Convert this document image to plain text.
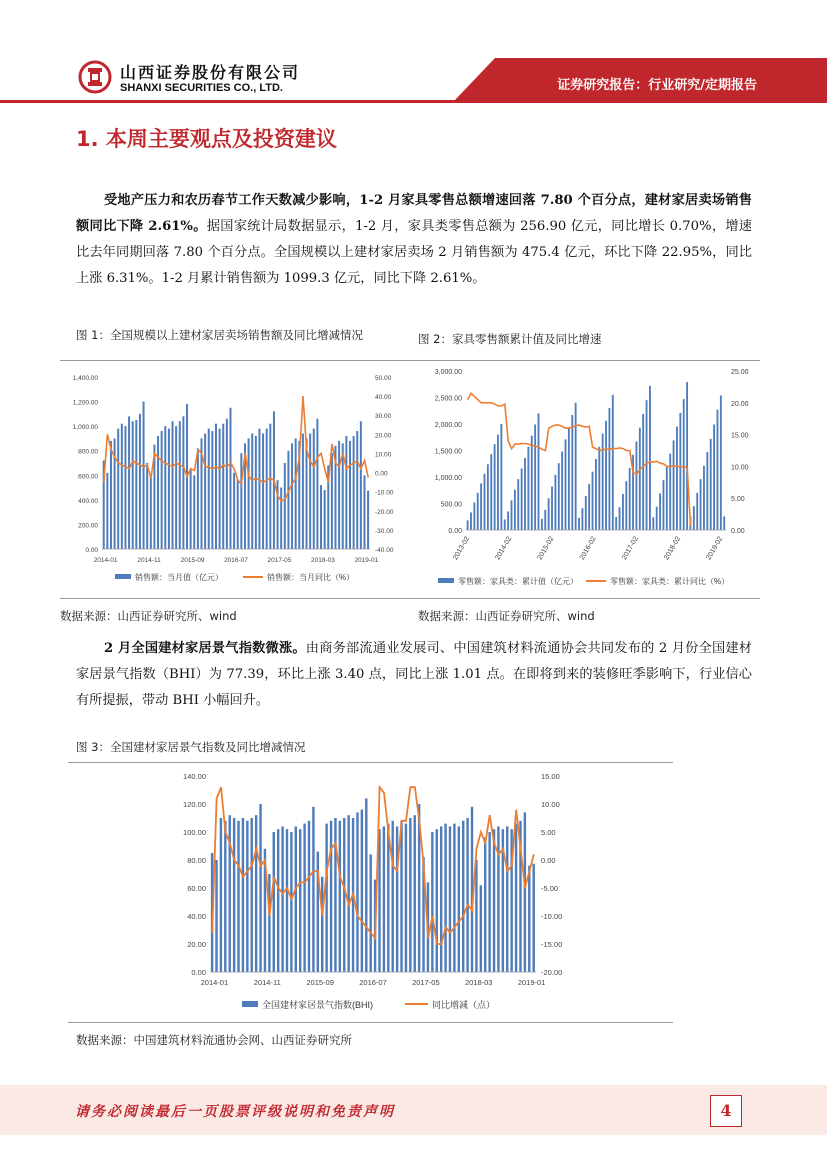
山西证券股份有限公司
SHANXI SECURITIES CO., LTD.	证券研究报告：行业研究/定期报告
1. 本周主要观点及投资建议
受地产压力和农历春节工作天数减少影响，1-2 月家具零售总额增速回落 7.80 个百分点，建材家居卖场销售额同比下降 2.61%。据国家统计局数据显示，1-2 月，家具类零售总额为 256.90 亿元，同比增长 0.70%，增速比去年同期回落 7.80 个百分点。全国规模以上建材家居卖场 2 月销售额为 475.4 亿元，环比下降 22.95%，同比上涨 6.31%。1-2 月累计销售额为 1099.3 亿元，同比下降 2.61%。
图 1：全国规模以上建材家居卖场销售额及同比增减情况	图 2：家具零售额累计值及同比增速
1,400.00
1,200.00
1,000.00
800.00
600.00
400.00
200.00
0.00
50.00
40.00
30.00
20.00
10.00
0.00
-10.00
-20.00
-30.00
-40.00
2014-01	2014-11	2015-09	2016-07	2017-05	2018-03	2019-01
销售额：当月值（亿元）	销售额：当月同比（%）
3,000.00
2,500.00
2,000.00
1,500.00
1,000.00
500.00
0.00
25.00
20.00
15.00
10.00
5.00
0.00
2013-02	2014-02	2015-02	2016-02	2017-02	2018-02	2019-02
零售额：家具类：累计值（亿元）	零售额：家具类：累计同比（%）
数据来源：山西证券研究所、wind	数据来源：山西证券研究所、wind
2 月全国建材家居景气指数微涨。由商务部流通业发展司、中国建筑材料流通协会共同发布的 2 月份全国建材家居景气指数（BHI）为 77.39，环比上涨 3.40 点，同比上涨 1.01 点。在即将到来的装修旺季影响下，行业信心有所提振，带动 BHI 小幅回升。
图 3：全国建材家居景气指数及同比增减情况
140.00
120.00
100.00
80.00
60.00
40.00
20.00
0.00
15.00
10.00
5.00
0.00
-5.00
-10.00
-15.00
-20.00
2014-01	2014-11	2015-09	2016-07	2017-05	2018-03	2019-01
全国建材家居景气指数(BHI)	同比增减（点）
数据来源：中国建筑材料流通协会网、山西证券研究所
请务必阅读最后一页股票评级说明和免责声明	4
